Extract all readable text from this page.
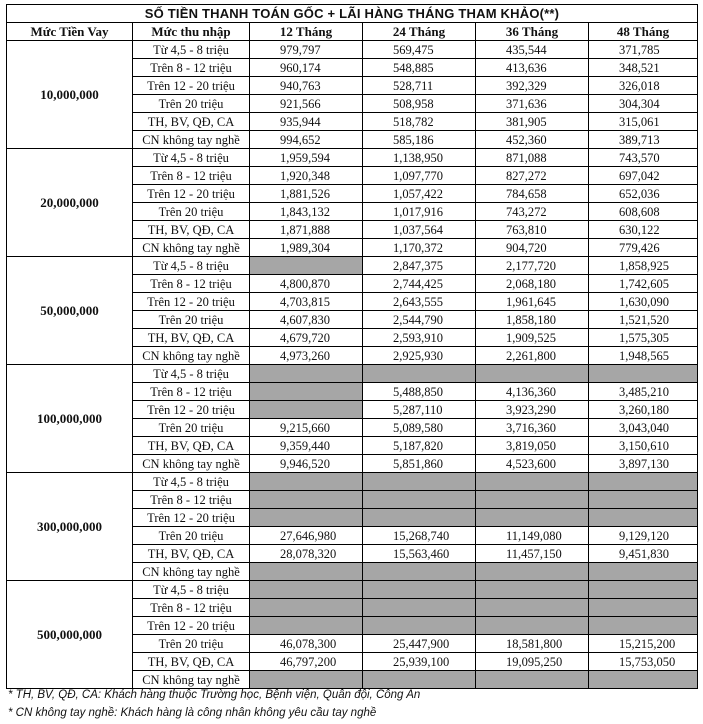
SỐ TIỀN THANH TOÁN GỐC + LÃI HÀNG THÁNG THAM KHẢO(**)					
Mức Tiền Vay	Mức thu nhập	12 Tháng	24 Tháng	36 Tháng	48 Tháng
10,000,000	Từ 4,5 - 8 triệu	979,797	569,475	435,544	371,785
	Trên 8 - 12 triệu	960,174	548,885	413,636	348,521
	Trên 12 - 20 triệu	940,763	528,711	392,329	326,018
	Trên 20 triệu	921,566	508,958	371,636	304,304
	TH, BV, QĐ, CA	935,944	518,782	381,905	315,061
	CN không tay nghề	994,652	585,186	452,360	389,713
20,000,000	Từ 4,5 - 8 triệu	1,959,594	1,138,950	871,088	743,570
	Trên 8 - 12 triệu	1,920,348	1,097,770	827,272	697,042
	Trên 12 - 20 triệu	1,881,526	1,057,422	784,658	652,036
	Trên 20 triệu	1,843,132	1,017,916	743,272	608,608
	TH, BV, QĐ, CA	1,871,888	1,037,564	763,810	630,122
	CN không tay nghề	1,989,304	1,170,372	904,720	779,426
50,000,000	Từ 4,5 - 8 triệu		2,847,375	2,177,720	1,858,925
	Trên 8 - 12 triệu	4,800,870	2,744,425	2,068,180	1,742,605
	Trên 12 - 20 triệu	4,703,815	2,643,555	1,961,645	1,630,090
	Trên 20 triệu	4,607,830	2,544,790	1,858,180	1,521,520
	TH, BV, QĐ, CA	4,679,720	2,593,910	1,909,525	1,575,305
	CN không tay nghề	4,973,260	2,925,930	2,261,800	1,948,565
100,000,000	Từ 4,5 - 8 triệu				
	Trên 8 - 12 triệu		5,488,850	4,136,360	3,485,210
	Trên 12 - 20 triệu		5,287,110	3,923,290	3,260,180
	Trên 20 triệu	9,215,660	5,089,580	3,716,360	3,043,040
	TH, BV, QĐ, CA	9,359,440	5,187,820	3,819,050	3,150,610
	CN không tay nghề	9,946,520	5,851,860	4,523,600	3,897,130
300,000,000	Từ 4,5 - 8 triệu				
	Trên 8 - 12 triệu				
	Trên 12 - 20 triệu				
	Trên 20 triệu	27,646,980	15,268,740	11,149,080	9,129,120
	TH, BV, QĐ, CA	28,078,320	15,563,460	11,457,150	9,451,830
	CN không tay nghề				
500,000,000	Từ 4,5 - 8 triệu				
	Trên 8 - 12 triệu				
	Trên 12 - 20 triệu				
	Trên 20 triệu	46,078,300	25,447,900	18,581,800	15,215,200
	TH, BV, QĐ, CA	46,797,200	25,939,100	19,095,250	15,753,050
	CN không tay nghề				
* TH, BV, QĐ, CA: Khách hàng thuộc Trường học, Bệnh viện, Quân đội, Công An
* CN không tay nghề: Khách hàng là công nhân không yêu cầu tay nghề
